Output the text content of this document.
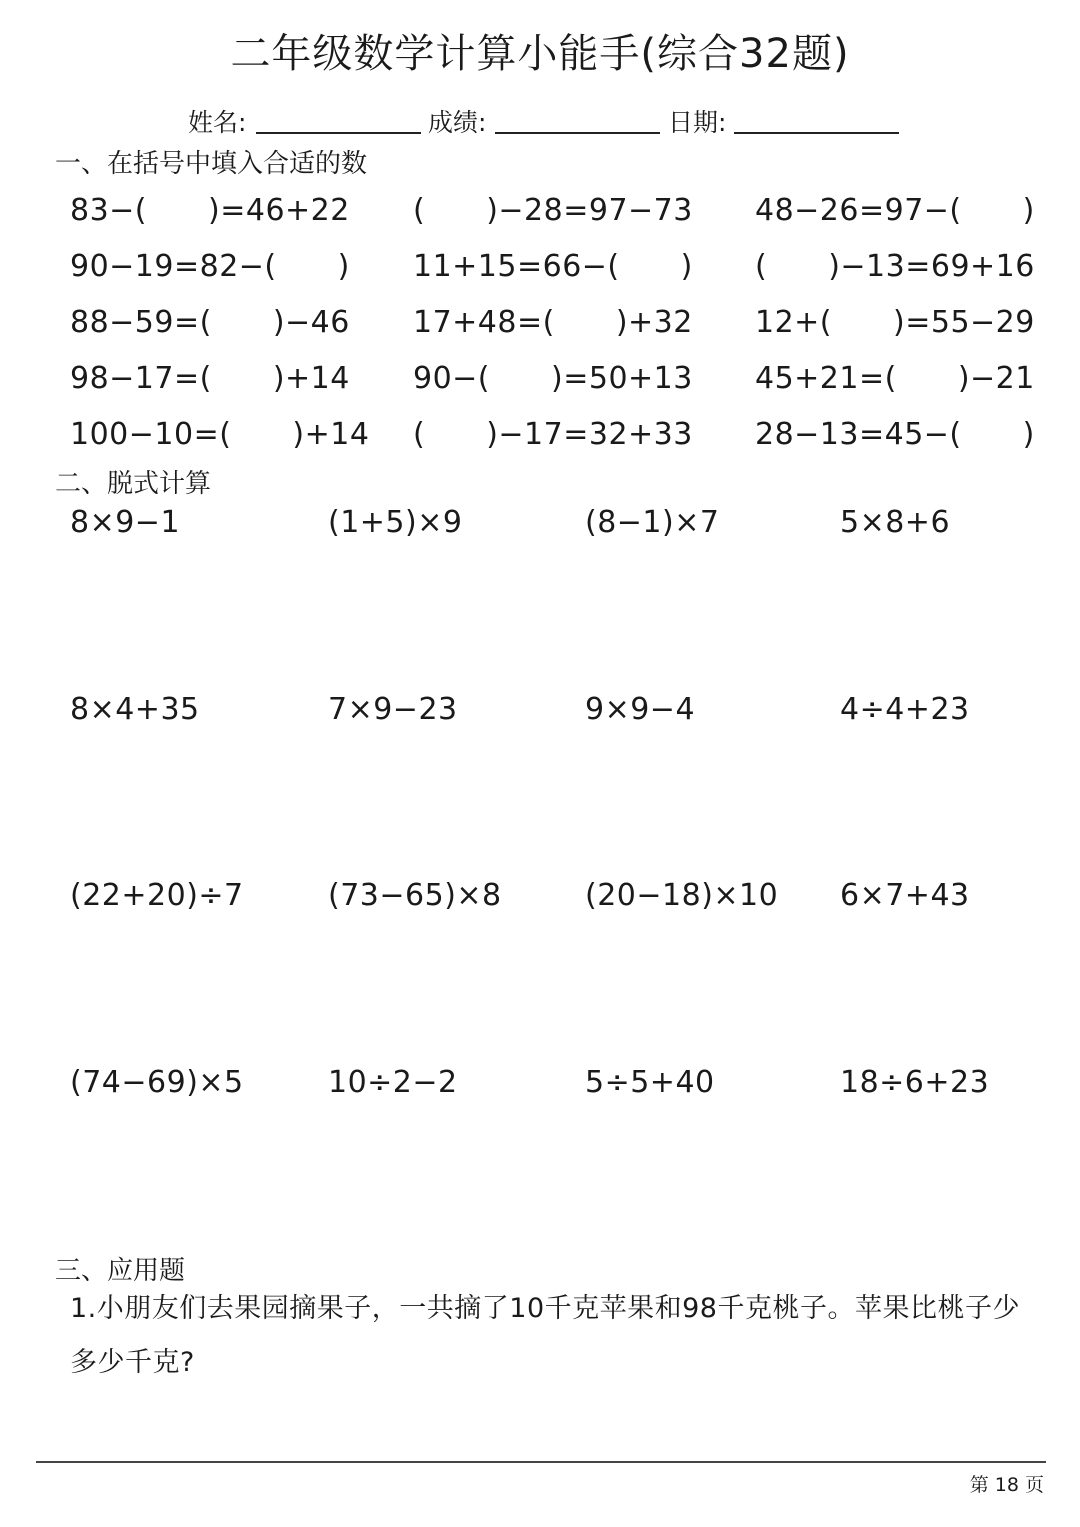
二年级数学计算小能手(综合32题)
姓名:	成绩:	日期:
一、在括号中填入合适的数
83−(　　)=46+22 (　　)−28=97−73 48−26=97−(　　)
90−19=82−(　　) 11+15=66−(　　) (　　)−13=69+16
88−59=(　　)−46 17+48=(　　)+32 12+(　　)=55−29
98−17=(　　)+14 90−(　　)=50+13 45+21=(　　)−21
100−10=(　　)+14 (　　)−17=32+33 28−13=45−(　　)
二、脱式计算
8×9−1	(1+5)×9	(8−1)×7	5×8+6
8×4+35	7×9−23	9×9−4	4÷4+23
(22+20)÷7	(73−65)×8	(20−18)×10 6×7+43
(74−69)×5	10÷2−2	5÷5+40	18÷6+23
三、应用题
1.小朋友们去果园摘果子，一共摘了10千克苹果和98千克桃子。苹果比桃子少多少千克?
第 18 页
